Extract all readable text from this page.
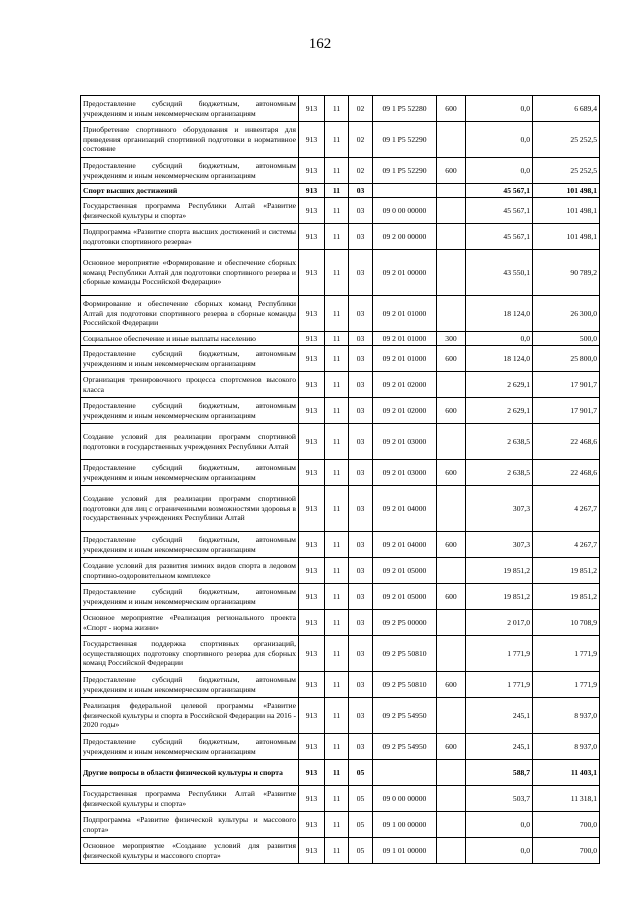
162
Предоставление субсидий бюджетным, автономным учреждениям и иным некоммерческим организациям	913	11	02	09 1 P5 52280	600	0,0	6 689,4
Приобретение спортивного оборудования и инвентаря для приведения организаций спортивной подготовки в нормативное состояние	913	11	02	09 1 P5 52290		0,0	25 252,5
Предоставление субсидий бюджетным, автономным учреждениям и иным некоммерческим организациям	913	11	02	09 1 P5 52290	600	0,0	25 252,5
Спорт высших достижений	913	11	03			45 567,1	101 498,1
Государственная программа Республики Алтай «Развитие физической культуры и спорта»	913	11	03	09 0 00 00000		45 567,1	101 498,1
Подпрограмма «Развитие спорта высших достижений и системы подготовки спортивного резерва»	913	11	03	09 2 00 00000		45 567,1	101 498,1
Основное мероприятие «Формирование и обеспечение сборных команд Республики Алтай для подготовки спортивного резерва и сборные команды Российской Федерации»	913	11	03	09 2 01 00000		43 550,1	90 789,2
Формирование и обеспечение сборных команд Республики Алтай для подготовки спортивного резерва в сборные команды Российской Федерации	913	11	03	09 2 01 01000		18 124,0	26 300,0
Социальное обеспечение и иные выплаты населению	913	11	03	09 2 01 01000	300	0,0	500,0
Предоставление субсидий бюджетным, автономным учреждениям и иным некоммерческим организациям	913	11	03	09 2 01 01000	600	18 124,0	25 800,0
Организация тренировочного процесса спортсменов высокого класса	913	11	03	09 2 01 02000		2 629,1	17 901,7
Предоставление субсидий бюджетным, автономным учреждениям и иным некоммерческим организациям	913	11	03	09 2 01 02000	600	2 629,1	17 901,7
Создание условий для реализации программ спортивной подготовки в государственных учреждениях Республики Алтай	913	11	03	09 2 01 03000		2 638,5	22 468,6
Предоставление субсидий бюджетным, автономным учреждениям и иным некоммерческим организациям	913	11	03	09 2 01 03000	600	2 638,5	22 468,6
Создание условий для реализации программ спортивной подготовки для лиц с ограниченными возможностями здоровья в государственных учреждениях Республики Алтай	913	11	03	09 2 01 04000		307,3	4 267,7
Предоставление субсидий бюджетным, автономным учреждениям и иным некоммерческим организациям	913	11	03	09 2 01 04000	600	307,3	4 267,7
Создание условий для развития зимних видов спорта в ледовом спортивно-оздоровительном комплексе	913	11	03	09 2 01 05000		19 851,2	19 851,2
Предоставление субсидий бюджетным, автономным учреждениям и иным некоммерческим организациям	913	11	03	09 2 01 05000	600	19 851,2	19 851,2
Основное мероприятие «Реализация регионального проекта «Спорт - норма жизни»	913	11	03	09 2 P5 00000		2 017,0	10 708,9
Государственная поддержка спортивных организаций, осуществляющих подготовку спортивного резерва для сборных команд Российской Федерации	913	11	03	09 2 P5 50810		1 771,9	1 771,9
Предоставление субсидий бюджетным, автономным учреждениям и иным некоммерческим организациям	913	11	03	09 2 P5 50810	600	1 771,9	1 771,9
Реализация федеральной целевой программы «Развитие физической культуры и спорта в Российской Федерации на 2016 - 2020 годы»	913	11	03	09 2 P5 54950		245,1	8 937,0
Предоставление субсидий бюджетным, автономным учреждениям и иным некоммерческим организациям	913	11	03	09 2 P5 54950	600	245,1	8 937,0
Другие вопросы в области физической культуры и спорта	913	11	05			588,7	11 403,1
Государственная программа Республики Алтай «Развитие физической культуры и спорта»	913	11	05	09 0 00 00000		503,7	11 318,1
Подпрограмма «Развитие физической культуры и массового спорта»	913	11	05	09 1 00 00000		0,0	700,0
Основное мероприятие «Создание условий для развития физической культуры и массового спорта»	913	11	05	09 1 01 00000		0,0	700,0
